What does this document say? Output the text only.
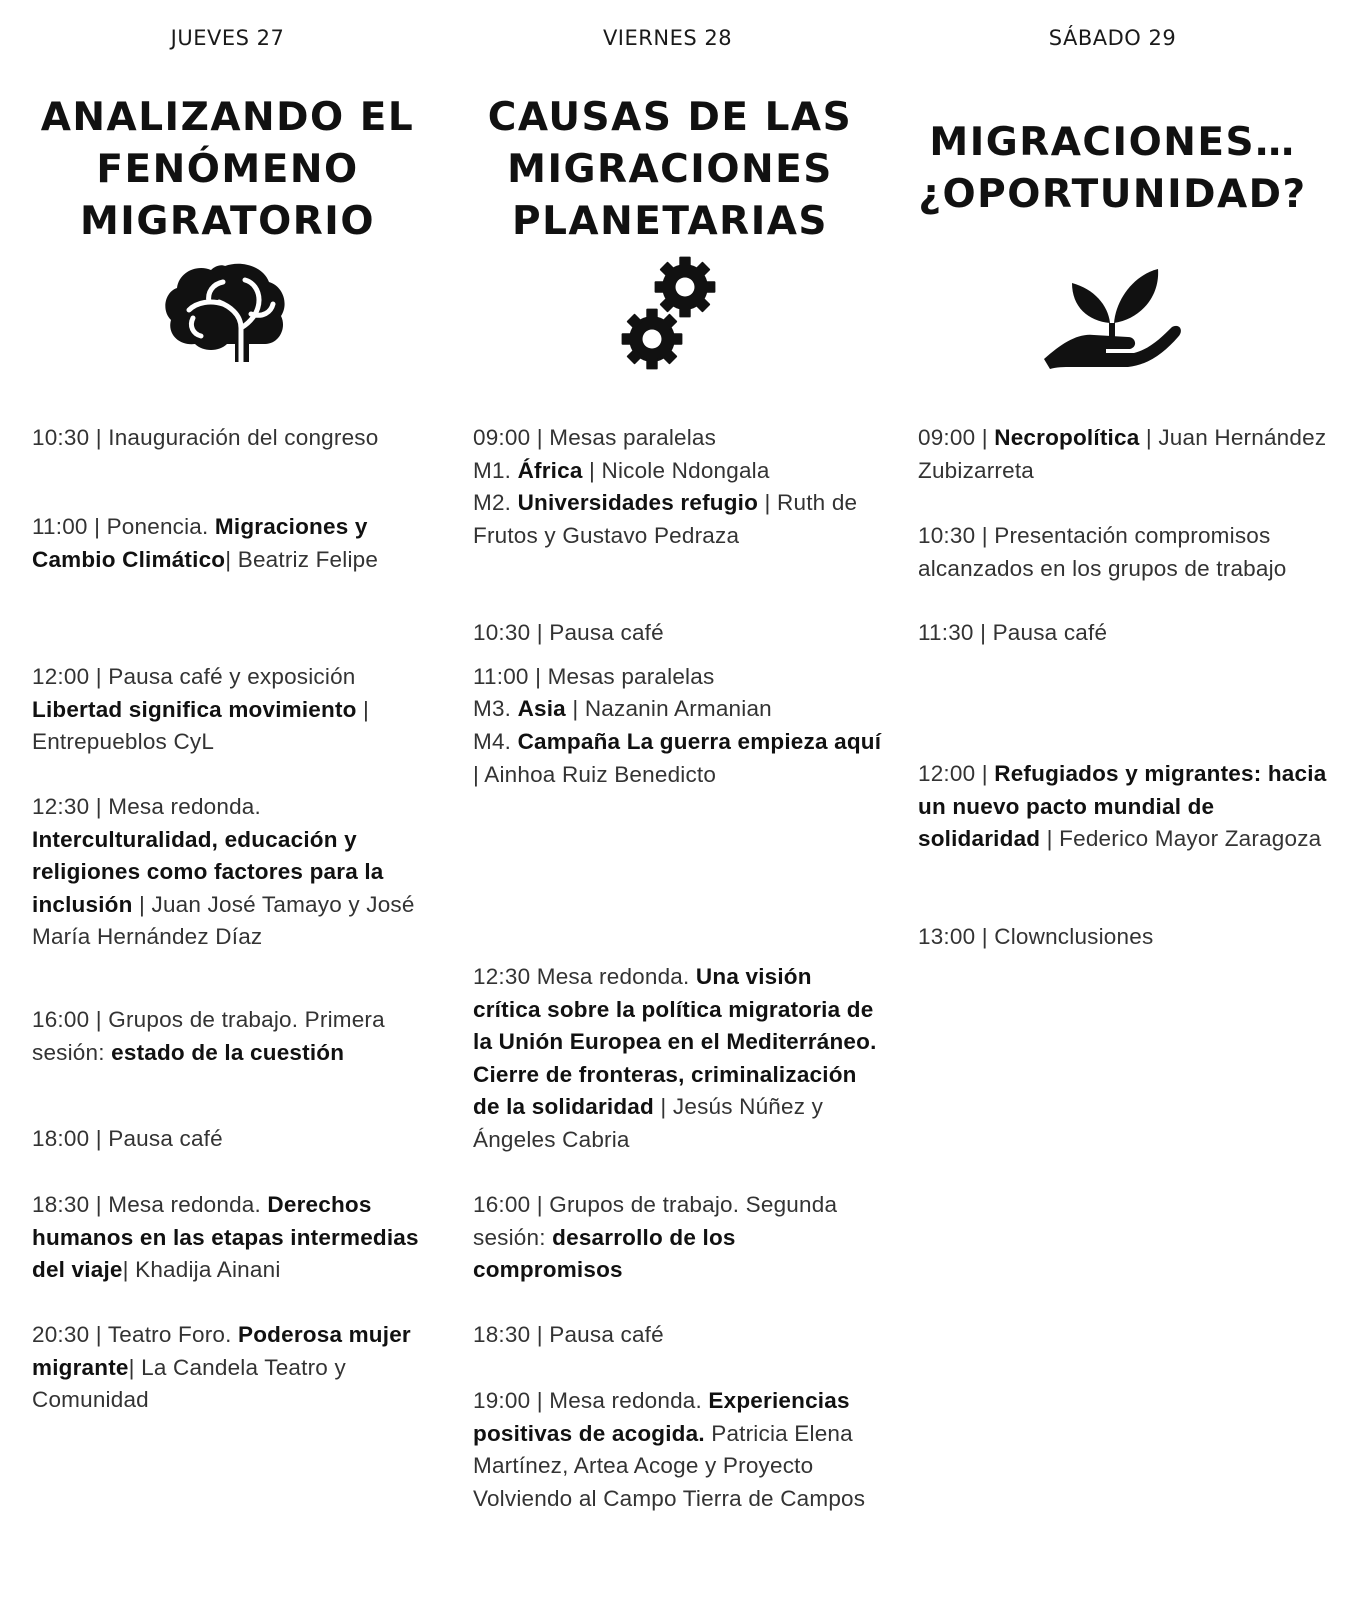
JUEVES 27
ANALIZANDO EL
FENÓMENO
MIGRATORIO
10:30 | Inauguración del congreso
11:00 | Ponencia. Migraciones y Cambio Climático| Beatriz Felipe
12:00 | Pausa café y exposición Libertad significa movimiento | Entrepueblos CyL
12:30 | Mesa redonda. Interculturalidad, educación y religiones como factores para la inclusión | Juan José Tamayo y José María Hernández Díaz
16:00 | Grupos de trabajo. Primera sesión: estado de la cuestión
18:00 | Pausa café
18:30 | Mesa redonda. Derechos humanos en las etapas intermedias del viaje| Khadija Ainani
20:30 | Teatro Foro. Poderosa mujer migrante| La Candela Teatro y Comunidad
VIERNES 28
CAUSAS DE LAS
MIGRACIONES
PLANETARIAS
09:00 | Mesas paralelas
M1. África | Nicole Ndongala
M2. Universidades refugio | Ruth de Frutos y Gustavo Pedraza
10:30 | Pausa café
11:00 | Mesas paralelas
M3. Asia | Nazanin Armanian
M4. Campaña La guerra empieza aquí | Ainhoa Ruiz Benedicto
12:30 Mesa redonda. Una visión crítica sobre la política migratoria de la Unión Europea en el Mediterráneo. Cierre de fronteras, criminalización de la solidaridad | Jesús Núñez y Ángeles Cabria
16:00 | Grupos de trabajo. Segunda sesión: desarrollo de los compromisos
18:30 | Pausa café
19:00 | Mesa redonda. Experiencias positivas de acogida. Patricia Elena Martínez, Artea Acoge y Proyecto Volviendo al Campo Tierra de Campos
SÁBADO 29
MIGRACIONES…
¿OPORTUNIDAD?
09:00 | Necropolítica | Juan Hernández Zubizarreta
10:30 | Presentación compromisos alcanzados en los grupos de trabajo
11:30 | Pausa café
12:00 | Refugiados y migrantes: hacia un nuevo pacto mundial de solidaridad | Federico Mayor Zaragoza
13:00 | Clownclusiones
